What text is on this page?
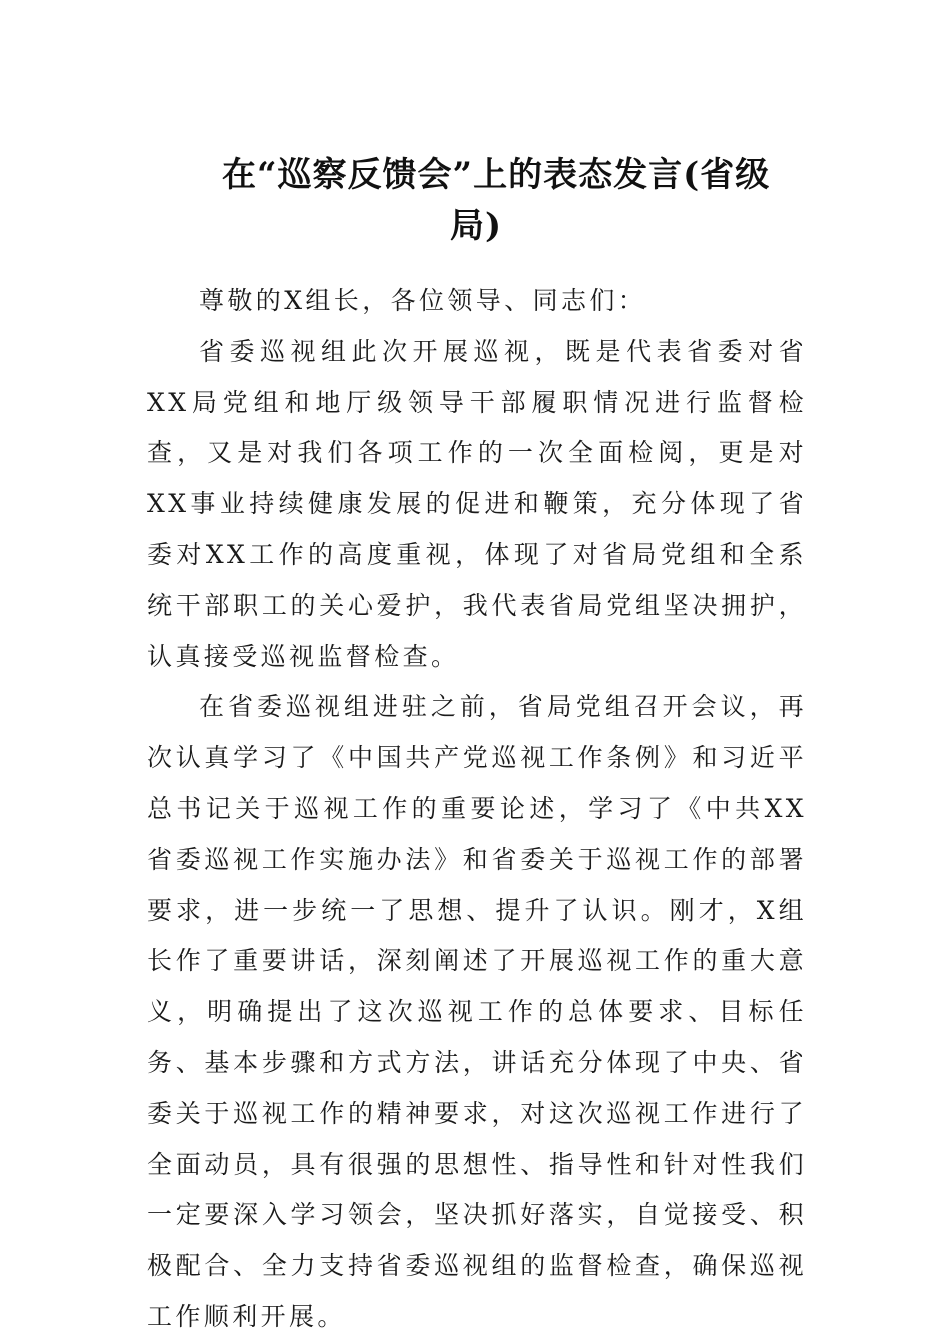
在“巡察反馈会”上的表态发言(省级
局)

尊敬的X组长，各位领导、同志们：

省委巡视组此次开展巡视，既是代表省委对省XX局党组和地厅级领导干部履职情况进行监督检查，又是对我们各项工作的一次全面检阅，更是对XX事业持续健康发展的促进和鞭策，充分体现了省委对XX工作的高度重视，体现了对省局党组和全系统干部职工的关心爱护，我代表省局党组坚决拥护，认真接受巡视监督检查。

在省委巡视组进驻之前，省局党组召开会议，再次认真学习了《中国共产党巡视工作条例》和习近平总书记关于巡视工作的重要论述，学习了《中共XX省委巡视工作实施办法》和省委关于巡视工作的部署要求，进一步统一了思想、提升了认识。刚才，X组长作了重要讲话，深刻阐述了开展巡视工作的重大意义，明确提出了这次巡视工作的总体要求、目标任务、基本步骤和方式方法，讲话充分体现了中央、省委关于巡视工作的精神要求，对这次巡视工作进行了全面动员，具有很强的思想性、指导性和针对性我们一定要深入学习领会，坚决抓好落实，自觉接受、积极配合、全力支持省委巡视组的监督检查，确保巡视工作顺利开展。
